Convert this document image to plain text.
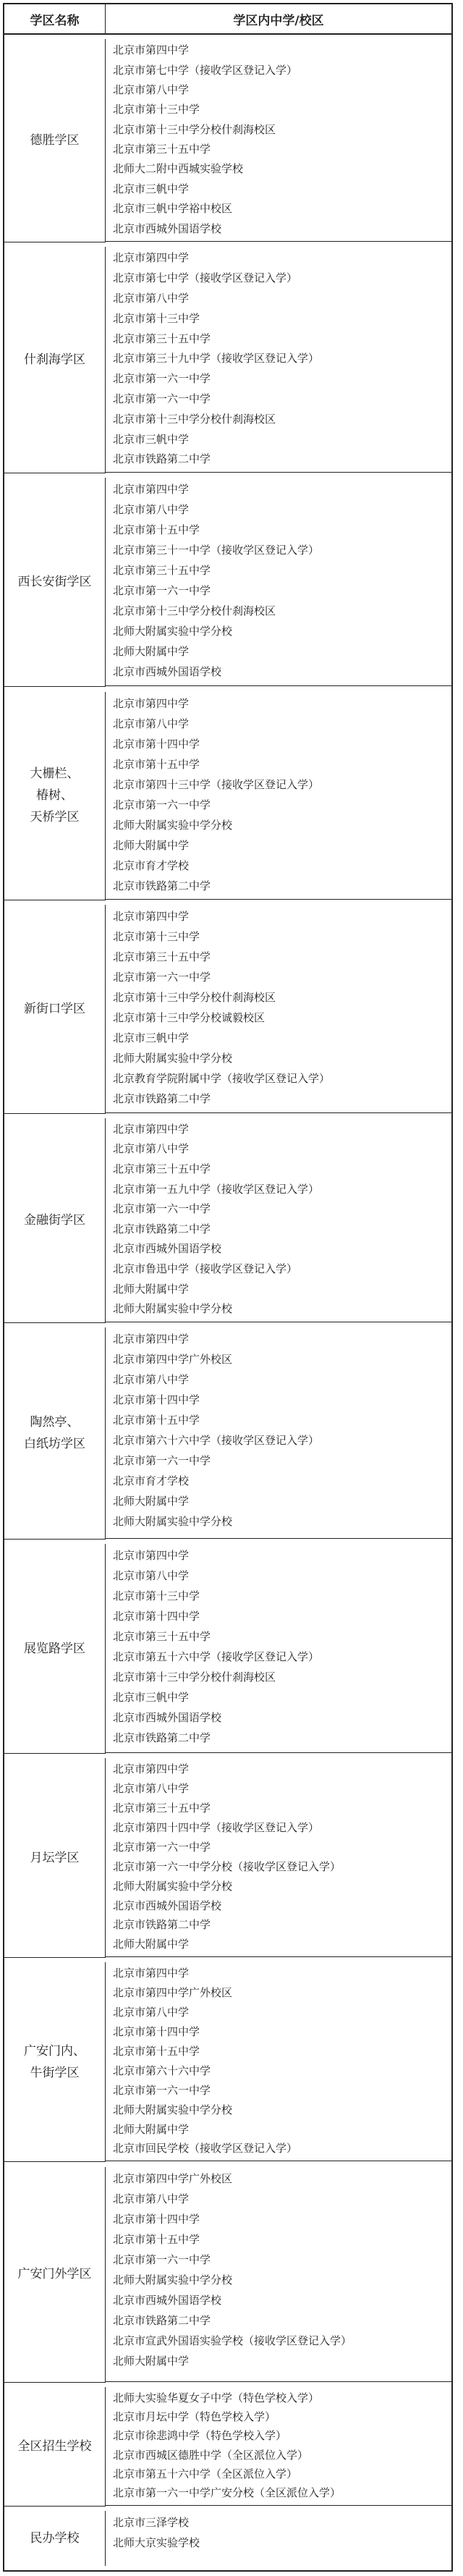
学区名称	学区内中学/校区
德胜学区
北京市第四中学
北京市第七中学（接收学区登记入学）
北京市第八中学
北京市第十三中学
北京市第十三中学分校什刹海校区
北京市第三十五中学
北师大二附中西城实验学校
北京市三帆中学
北京市三帆中学裕中校区
北京市西城外国语学校
什刹海学区
北京市第四中学
北京市第七中学（接收学区登记入学）
北京市第八中学
北京市第十三中学
北京市第三十五中学
北京市第三十九中学（接收学区登记入学）
北京市第一六一中学
北京市第一六一中学
北京市第十三中学分校什刹海校区
北京市三帆中学
北京市铁路第二中学
西长安街学区
北京市第四中学
北京市第八中学
北京市第十五中学
北京市第三十一中学（接收学区登记入学）
北京市第三十五中学
北京市第一六一中学
北京市第十三中学分校什刹海校区
北师大附属实验中学分校
北师大附属中学
北京市西城外国语学校
大栅栏、
椿树、
天桥学区
北京市第四中学
北京市第八中学
北京市第十四中学
北京市第十五中学
北京市第四十三中学（接收学区登记入学）
北京市第一六一中学
北师大附属实验中学分校
北师大附属中学
北京市育才学校
北京市铁路第二中学
新街口学区
北京市第四中学
北京市第十三中学
北京市第三十五中学
北京市第一六一中学
北京市第十三中学分校什刹海校区
北京市第十三中学分校诚毅校区
北京市三帆中学
北师大附属实验中学分校
北京教育学院附属中学（接收学区登记入学）
北京市铁路第二中学
金融街学区
北京市第四中学
北京市第八中学
北京市第三十五中学
北京市第一五九中学（接收学区登记入学）
北京市第一六一中学
北京市铁路第二中学
北京市西城外国语学校
北京市鲁迅中学（接收学区登记入学）
北师大附属中学
北师大附属实验中学分校
陶然亭、
白纸坊学区
北京市第四中学
北京市第四中学广外校区
北京市第八中学
北京市第十四中学
北京市第十五中学
北京市第六十六中学（接收学区登记入学）
北京市第一六一中学
北京市育才学校
北师大附属中学
北师大附属实验中学分校
展览路学区
北京市第四中学
北京市第八中学
北京市第十三中学
北京市第十四中学
北京市第三十五中学
北京市第五十六中学（接收学区登记入学）
北京市第十三中学分校什刹海校区
北京市三帆中学
北京市西城外国语学校
北京市铁路第二中学
月坛学区
北京市第四中学
北京市第八中学
北京市第三十五中学
北京市第四十四中学（接收学区登记入学）
北京市第一六一中学
北京市第一六一中学分校（接收学区登记入学）
北师大附属实验中学分校
北京市西城外国语学校
北京市铁路第二中学
北师大附属中学
广安门内、
牛街学区
北京市第四中学
北京市第四中学广外校区
北京市第八中学
北京市第十四中学
北京市第十五中学
北京市第六十六中学
北京市第一六一中学
北师大附属实验中学分校
北师大附属中学
北京市回民学校（接收学区登记入学）
广安门外学区
北京市第四中学广外校区
北京市第八中学
北京市第十四中学
北京市第十五中学
北京市第一六一中学
北师大附属实验中学分校
北京市西城外国语学校
北京市铁路第二中学
北京市宣武外国语实验学校（接收学区登记入学）
北师大附属中学
全区招生学校
北师大实验华夏女子中学（特色学校入学）
北京市月坛中学（特色学校入学）
北京市徐悲鸿中学（特色学校入学）
北京市西城区德胜中学（全区派位入学）
北京市第五十六中学（全区派位入学）
北京市第一六一中学广安分校（全区派位入学）
民办学校
北京市三泽学校
北师大京实验学校
